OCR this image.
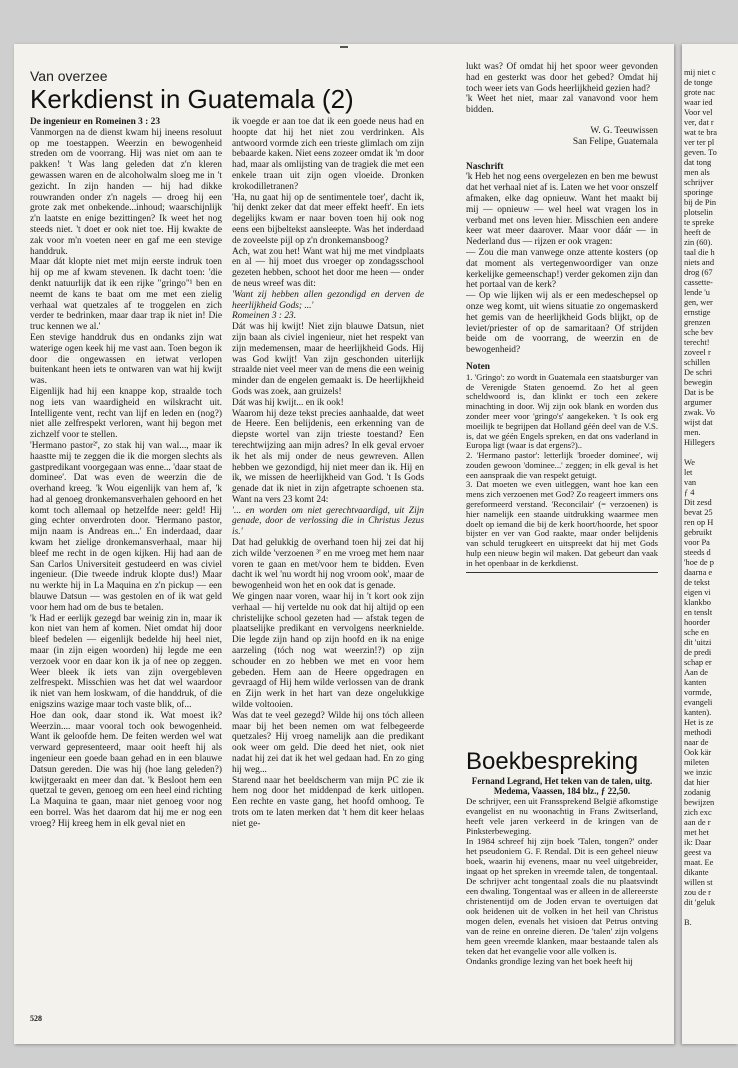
mij niet c
de tonge
grote nac
waar ied
Voor vel
ver, dat r
wat te bra
ver ter pl
geven. To
dat tong
men als
schrijver
sporinge
bij de Pin
plotselin
te spreke
heeft de
zin (60).
taal die h
niets and
drog (67
cassette-
lende 'u
gen, wer
ernstige
grenzen
sche bev
terecht!
zoveel r
schillen
De schri
bewegin
Dat is be
argumer
zwak. Vo
wijst dat
men.
Hillegers

We
let
van
ƒ 4
Dit zesd
bevat 25
ren op H
gebruikt
voor Pa
steeds d
'hoe de p
daarna e
de tekst
eigen vi
klankbo
en tenslt
hoorder
sche en
dit 'uitzi
de predi
schap er
Aan de
kanten
vormde,
evangeli
kanten).
Het is ze
methodi
naar de
Ook kär
mileten
we inzic
dat hier
zodanig
bewijzen
zich exc
aan de r
met het
ik: Daar
geest va
maat. Ee
dikante
willen st
zou de r
dit 'geluk

B.
Van overzee
Kerkdienst in Guatemala (2)

De ingenieur en Romeinen 3 : 23

Vanmorgen na de dienst kwam hij ineens resoluut op me toestappen. Weerzin en bewogenheid streden om de voorrang. Hij was niet om aan te pakken! 't Was lang geleden dat z'n kleren gewassen waren en de alcoholwalm sloeg me in 't gezicht. In zijn handen — hij had dikke rouwranden onder z'n nagels — droeg hij een grote zak met onbekende...inhoud; waarschijnlijk z'n laatste en enige bezittingen? Ik weet het nog steeds niet. 't doet er ook niet toe. Hij kwakte de zak voor m'n voeten neer en gaf me een stevige handdruk.

Maar dát klopte niet met mijn eerste indruk toen hij op me af kwam stevenen. Ik dacht toen: 'die denkt natuurlijk dat ik een rijke "gringo"¹ ben en neemt de kans te baat om me met een zielig verhaal wat quetzales af te troggelen en zich verder te bedrinken, maar daar trap ik niet in! Die truc kennen we al.'

Een stevige handdruk dus en ondanks zijn wat waterige ogen keek hij me vast aan. Toen begon ik door die ongewassen en ietwat verlopen buitenkant heen iets te ontwaren van wat hij kwijt was.

Eigenlijk had hij een knappe kop, straalde toch nog iets van waardigheid en wilskracht uit. Intelligente vent, recht van lijf en leden en (nog?) niet alle zelfrespekt verloren, want hij begon met zichzelf voor te stellen.

'Hermano pastor²', zo stak hij van wal..., maar ik haastte mij te zeggen die ik die morgen slechts als gastpredikant voorgegaan was enne... 'daar staat de dominee'. Dat was even de weerzin die de overhand kreeg. 'k Wou eigenlijk van hem af, 'k had al genoeg dronkemansverhalen gehoord en het komt toch allemaal op hetzelfde neer: geld! Hij ging echter onverdroten door. 'Hermano pastor, mijn naam is Andreas en...' En inderdaad, daar kwam het zielige dronkemansverhaal, maar hij bleef me recht in de ogen kijken. Hij had aan de San Carlos Universiteit gestudeerd en was civiel ingenieur. (Die tweede indruk klopte dus!) Maar nu werkte hij in La Maquina en z'n pickup — een blauwe Datsun — was gestolen en of ik wat geld voor hem had om de bus te betalen.

'k Had er eerlijk gezegd bar weinig zin in, maar ik kon niet van hem af komen. Niet omdat hij door bleef bedelen — eigenlijk bedelde hij heel niet, maar (in zijn eigen woorden) hij legde me een verzoek voor en daar kon ik ja of nee op zeggen. Weer bleek ik iets van zijn overgebleven zelfrespekt. Misschien was het dat wel waardoor ik niet van hem loskwam, of die handdruk, of die enigszins wazige maar toch vaste blik, of...

Hoe dan ook, daar stond ik. Wat moest ik? Weerzin.... maar vooral toch ook bewogenheid. Want ik geloofde hem. De feiten werden wel wat verward gepresenteerd, maar ooit heeft hij als ingenieur een goede baan gehad en in een blauwe Datsun gereden. Die was hij (hoe lang geleden?) kwijtgeraakt en meer dan dat. 'k Besloot hem een quetzal te geven, genoeg om een heel eind richting La Maquina te gaan, maar niet genoeg voor nog een borrel. Was het daarom dat hij me er nog een vroeg? Hij kreeg hem in elk geval niet en

ik voegde er aan toe dat ik een goede neus had en hoopte dat hij het niet zou verdrinken. Als antwoord vormde zich een trieste glimlach om zijn bebaarde kaken. Niet eens zozeer omdat ik 'm door had, maar als omlijsting van de tragiek die met een enkele traan uit zijn ogen vloeide. Dronken krokodilletranen?

'Ha, nu gaat hij op de sentimentele toer', dacht ik, 'hij denkt zeker dat dat meer effekt heeft'. En iets degelijks kwam er naar boven toen hij ook nog eens een bijbeltekst aansleepte. Was het inderdaad de zoveelste pijl op z'n dronkemansboog?

Ach, wat zou het! Want wat hij me met vindplaats en al — hij moet dus vroeger op zondagsschool gezeten hebben, schoot het door me heen — onder de neus wreef was dit:

'Want zij hebben allen gezondigd en derven de heerlijkheid Gods; ...'

Romeinen 3 : 23.

Dát was hij kwijt! Niet zijn blauwe Datsun, niet zijn baan als civiel ingenieur, niet het respekt van zijn medemensen, maar de heerlijkheid Gods. Hij was God kwijt! Van zijn geschonden uiterlijk straalde niet veel meer van de mens die een weinig minder dan de engelen gemaakt is. De heerlijkheid Gods was zoek, aan gruizels!

Dát was hij kwijt... en ik ook!

Waarom hij deze tekst precies aanhaalde, dat weet de Heere. Een belijdenis, een erkenning van de diepste wortel van zijn trieste toestand? Een terechtwijzing aan mijn adres? In elk geval ervoer ik het als mij onder de neus gewreven. Allen hebben we gezondigd, hij niet meer dan ik. Hij en ik, we missen de heerlijkheid van God. 't Is Gods genade dat ik niet in zijn afgetrapte schoenen sta. Want na vers 23 komt 24:

'... en worden om niet gerechtvaardigd, uit Zijn genade, door de verlossing die in Christus Jezus is.'

Dat had gelukkig de overhand toen hij zei dat hij zich wilde 'verzoenen ³' en me vroeg met hem naar voren te gaan en met/voor hem te bidden. Even dacht ik wel 'nu wordt hij nog vroom ook', maar de bewogenheid won het en ook dat is genade.

We gingen naar voren, waar hij in 't kort ook zijn verhaal — hij vertelde nu ook dat hij altijd op een christelijke school gezeten had — afstak tegen de plaatselijke predikant en vervolgens neerknielde. Die legde zijn hand op zijn hoofd en ik na enige aarzeling (tóch nog wat weerzin!?) op zijn schouder en zo hebben we met en voor hem gebeden. Hem aan de Heere opgedragen en gevraagd of Hij hem wilde verlossen van de drank en Zijn werk in het hart van deze ongelukkige wilde voltooien.

Was dat te veel gezegd? Wilde hij ons tóch alleen maar bij het been nemen om wat felbegeerde quetzales? Hij vroeg namelijk aan die predikant ook weer om geld. Die deed het niet, ook niet nadat hij zei dat ik het wel gedaan had. En zo ging hij weg...

Starend naar het beeldscherm van mijn PC zie ik hem nog door het middenpad de kerk uitlopen. Een rechte en vaste gang, het hoofd omhoog. Te trots om te laten merken dat 't hem dit keer helaas niet ge-

lukt was? Of omdat hij het spoor weer gevonden had en gesterkt was door het gebed? Omdat hij toch weer iets van Gods heerlijkheid gezien had?

'k Weet het niet, maar zal vanavond voor hem bidden.

W. G. Teeuwissen
San Felipe, Guatemala
Naschrift

'k Heb het nog eens overgelezen en ben me bewust dat het verhaal niet af is. Laten we het voor onszelf afmaken, elke dag opnieuw. Want het maakt bij mij — opnieuw — wel heel wat vragen los in verband met ons leven hier. Misschien een andere keer wat meer daarover. Maar voor dáár — in Nederland dus — rijzen er ook vragen:

— Zou die man vanwege onze attente kosters (op dat moment als vertegenwoordiger van onze kerkelijke gemeenschap!) verder gekomen zijn dan het portaal van de kerk?

— Op wie lijken wij als er een medeschepsel op onze weg komt, uit wiens situatie zo ongemaskerd het gemis van de heerlijkheid Gods blijkt, op de leviet/priester of op de samaritaan? Of strijden beide om de voorrang, de weerzin en de bewogenheid?

Noten

1. 'Gringo': zo wordt in Guatemala een staatsburger van de Verenigde Staten genoemd. Zo het al geen scheldwoord is, dan klinkt er toch een zekere minachting in door. Wij zijn ook blank en worden dus zonder meer voor 'gringo's' aangekeken. 't Is ook erg moeilijk te begrijpen dat Holland géén deel van de V.S. is, dat we géén Engels spreken, en dat ons vaderland in Europa ligt (waar is dat ergens?)..

2. 'Hermano pastor': letterlijk 'broeder dominee', wij zouden gewoon 'dominee...' zeggen; in elk geval is het een aanspraak die van respekt getuigt.

3. Dat moeten we even uitleggen, want hoe kan een mens zich verzoenen met God? Zo reageert immers ons gereformeerd verstand. 'Reconcilair' (= verzoenen) is hier namelijk een staande uitdrukking waarmee men doelt op iemand die bij de kerk hoort/hoorde, het spoor bijster en ver van God raakte, maar onder belijdenis van schuld terugkeert en uitspreekt dat hij met Gods hulp een nieuw begin wil maken. Dat gebeurt dan vaak in het openbaar in de kerkdienst.

Boekbespreking
Fernand Legrand, Het teken van de talen, uitg. Medema, Vaassen, 184 blz., ƒ 22,50.

De schrijver, een uit Franssprekend België afkomstige evangelist en nu woonachtig in Frans Zwitserland, heeft vele jaren verkeerd in de kringen van de Pinksterbeweging.

In 1984 schreef hij zijn boek 'Talen, tongen?' onder het pseudoniem G. F. Rendal. Dit is een geheel nieuw boek, waarin hij evenens, maar nu veel uitgebreider, ingaat op het spreken in vreemde talen, de tongentaal. De schrijver acht tongentaal zoals die nu plaatsvindt een dwaling. Tongentaal was er alleen in de allereerste christenentijd om de Joden ervan te overtuigen dat ook heidenen uit de volken in het heil van Christus mogen delen, evenals het visioen dat Petrus ontving van de reine en onreine dieren. De 'talen' zijn volgens hem geen vreemde klanken, maar bestaande talen als teken dat het evangelie voor alle volken is.

Ondanks grondige lezing van het boek heeft hij

528
